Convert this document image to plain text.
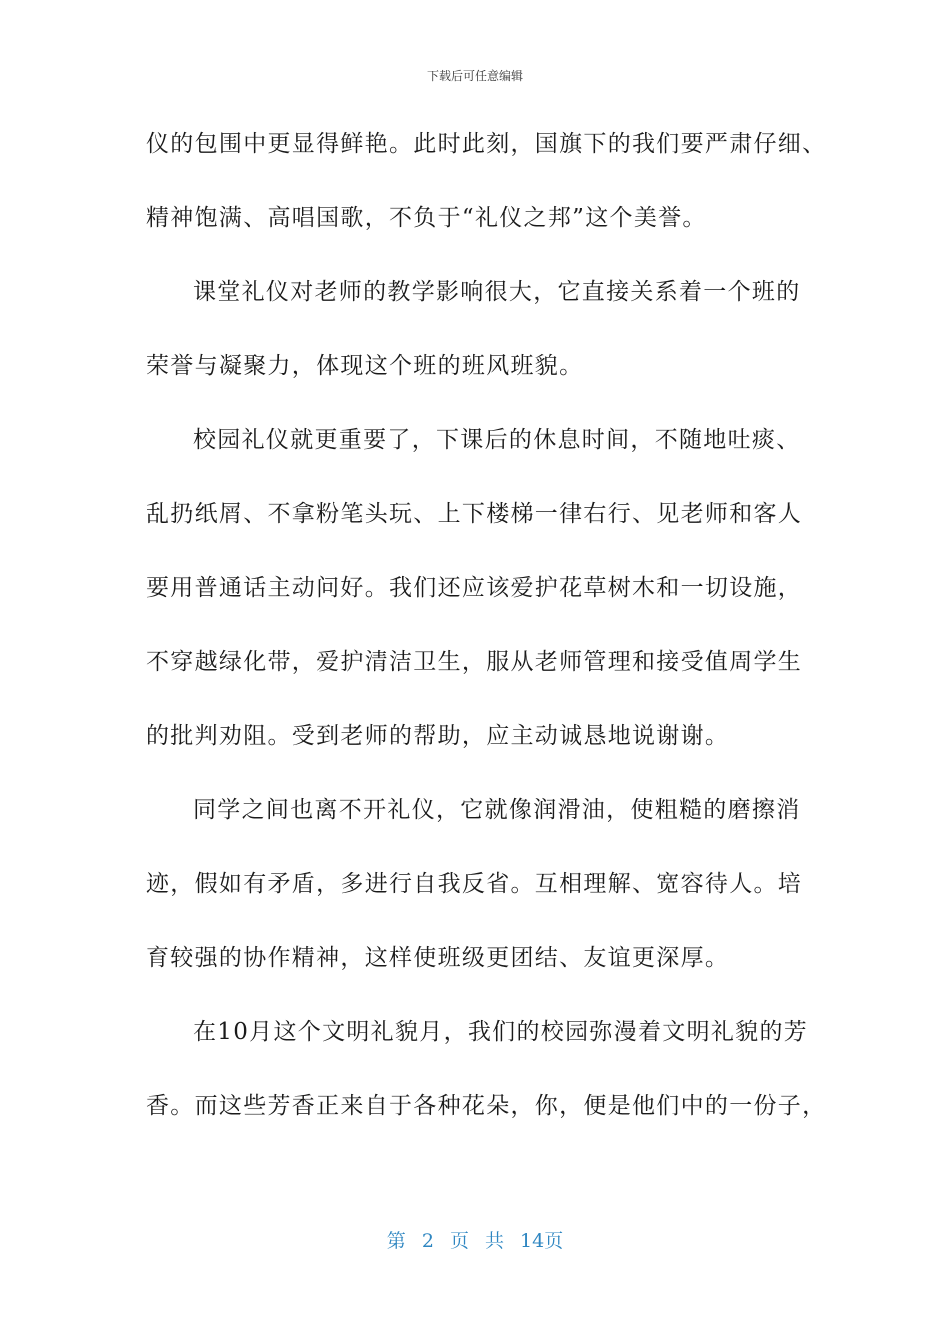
下载后可任意编辑
仪的包围中更显得鲜艳。此时此刻，国旗下的我们要严肃仔细、
精神饱满、高唱国歌，不负于“礼仪之邦”这个美誉。
课堂礼仪对老师的教学影响很大，它直接关系着一个班的
荣誉与凝聚力，体现这个班的班风班貌。
校园礼仪就更重要了，下课后的休息时间，不随地吐痰、
乱扔纸屑、不拿粉笔头玩、上下楼梯一律右行、见老师和客人
要用普通话主动问好。我们还应该爱护花草树木和一切设施，
不穿越绿化带，爱护清洁卫生，服从老师管理和接受值周学生
的批判劝阻。受到老师的帮助，应主动诚恳地说谢谢。
同学之间也离不开礼仪，它就像润滑油，使粗糙的磨擦消
迹，假如有矛盾，多进行自我反省。互相理解、宽容待人。培
育较强的协作精神，这样使班级更团结、友谊更深厚。
在10月这个文明礼貌月，我们的校园弥漫着文明礼貌的芳
香。而这些芳香正来自于各种花朵，你，便是他们中的一份子，
第 2 页 共 14页
